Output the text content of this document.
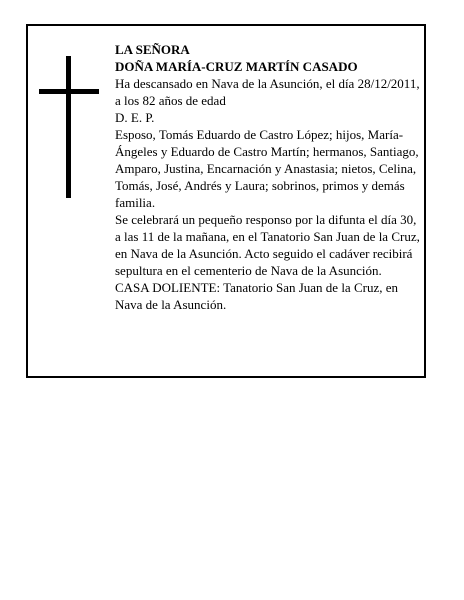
LA SEÑORA

DOÑA MARÍA-CRUZ MARTÍN CASADO

Ha descansado en Nava de la Asunción, el día 28/12/2011, a los 82 años de edad

D. E. P.

Esposo, Tomás Eduardo de Castro López; hijos, María-Ángeles y Eduardo de Castro Martín; hermanos, Santiago, Amparo, Justina, Encarnación y Anastasia; nietos, Celina, Tomás, José, Andrés y Laura; sobrinos, primos y demás familia.

Se celebrará un pequeño responso por la difunta el día 30, a las 11 de la mañana, en el Tanatorio San Juan de la Cruz, en Nava de la Asunción. Acto seguido el cadáver recibirá sepultura en el cementerio de Nava de la Asunción.

CASA DOLIENTE: Tanatorio San Juan de la Cruz, en Nava de la Asunción.
